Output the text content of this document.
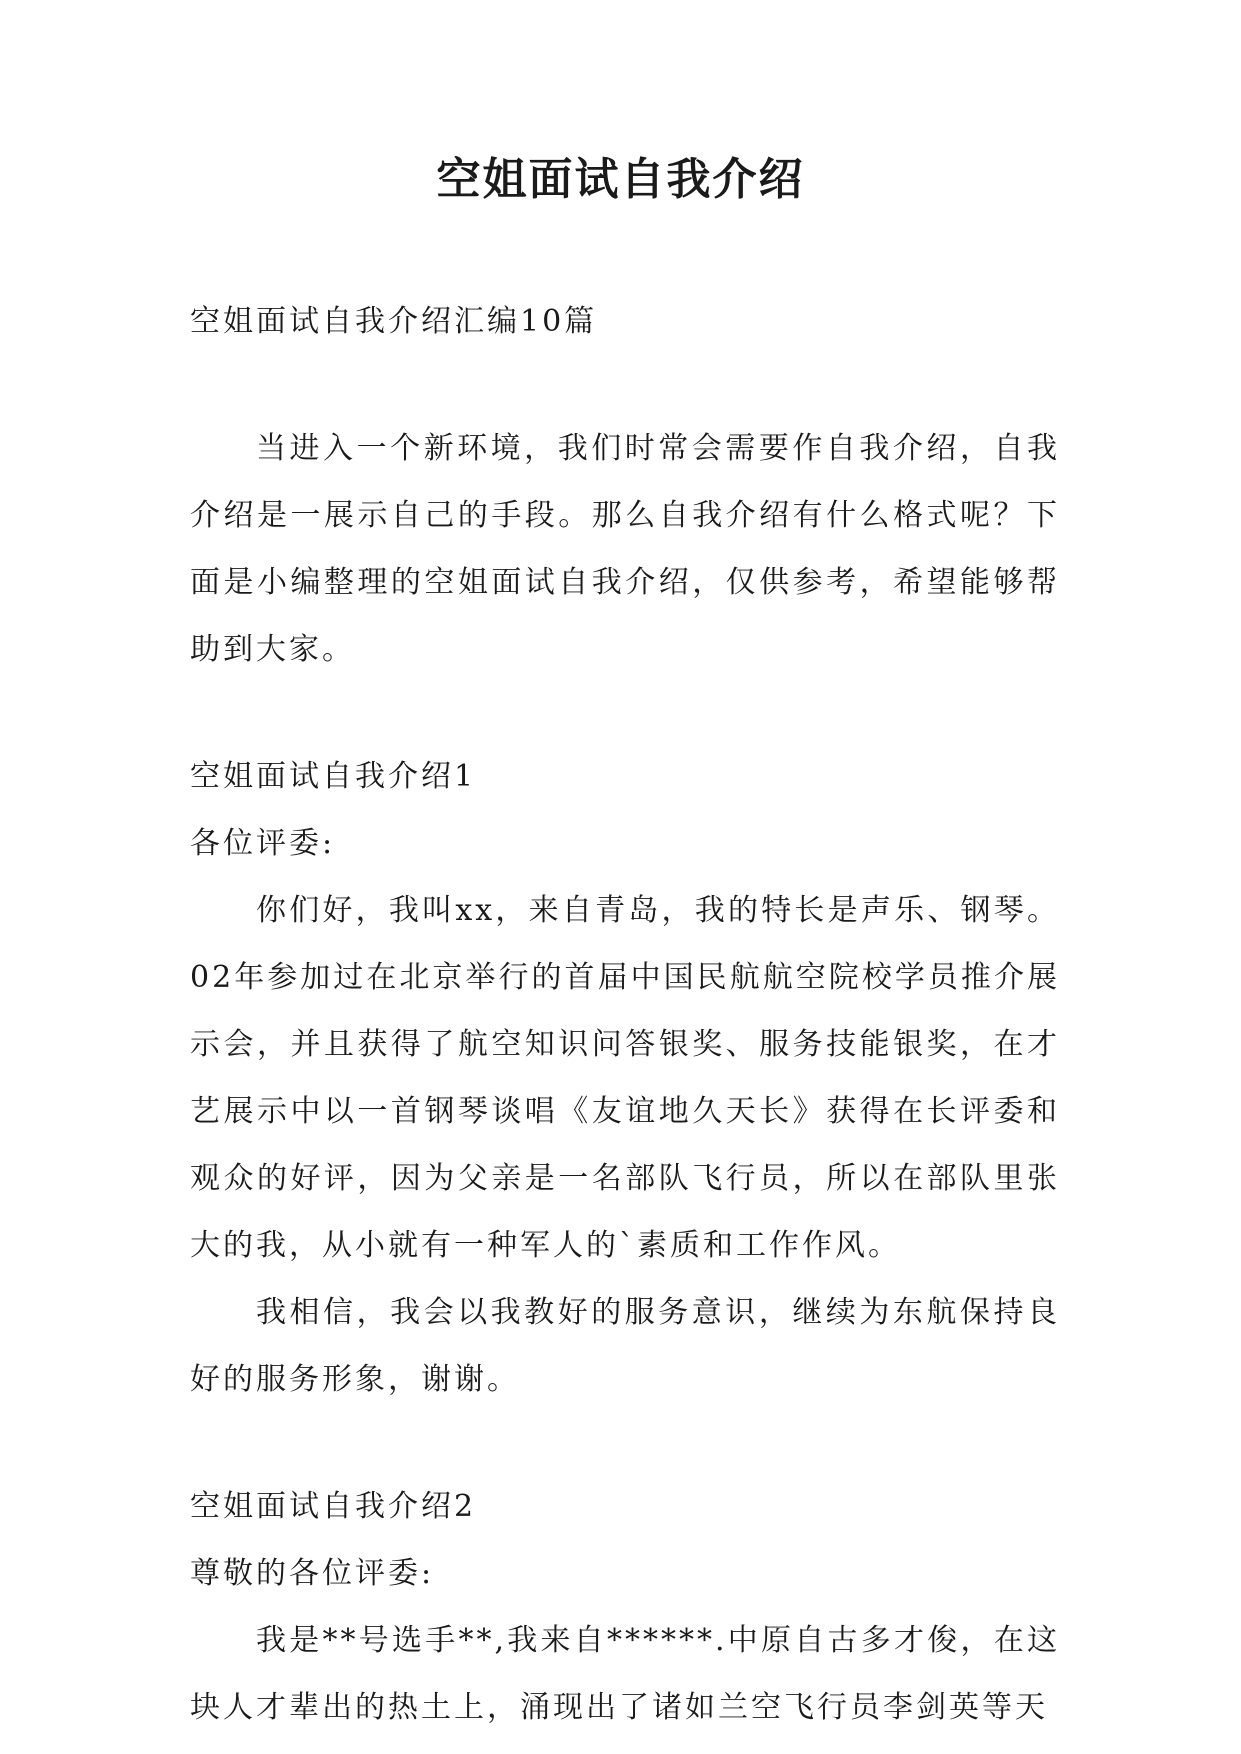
空姐面试自我介绍

空姐面试自我介绍汇编10篇

当进入一个新环境，我们时常会需要作自我介绍，自我介绍是一展示自己的手段。那么自我介绍有什么格式呢？下面是小编整理的空姐面试自我介绍，仅供参考，希望能够帮助到大家。

空姐面试自我介绍1

各位评委:

你们好，我叫xx，来自青岛，我的特长是声乐、钢琴。02年参加过在北京举行的首届中国民航航空院校学员推介展示会，并且获得了航空知识问答银奖、服务技能银奖，在才艺展示中以一首钢琴谈唱《友谊地久天长》获得在长评委和观众的好评，因为父亲是一名部队飞行员，所以在部队里张大的我，从小就有一种军人的`素质和工作作风。

我相信，我会以我教好的服务意识，继续为东航保持良好的服务形象，谢谢。

空姐面试自我介绍2

尊敬的各位评委:

我是**号选手**,我来自******.中原自古多才俊，在这块人才辈出的热土上，涌现出了诸如兰空飞行员李剑英等天
